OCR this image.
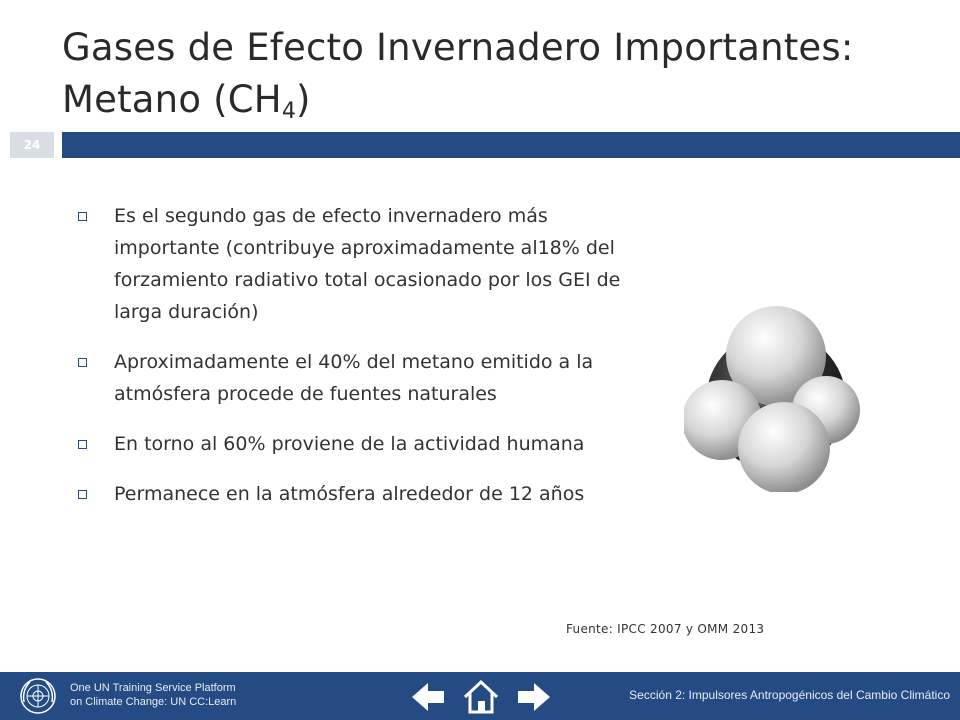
Gases de Efecto Invernadero Importantes: Metano $(CH_4)$
24
Es el segundo gas de efecto invernadero más importante (contribuye aproximadamente al18% del forzamiento radiativo total ocasionado por los GEI de larga duración)
Aproximadamente el 40% del metano emitido a la atmósfera procede de fuentes naturales
En torno al 60% proviene de la actividad humana
Permanece en la atmósfera alrededor de 12 años
Fuente: IPCC 2007 y OMM 2013
One UN Training Service Platform
on Climate Change: UN CC:Learn	Sección 2: Impulsores Antropogénicos del Cambio Climático
